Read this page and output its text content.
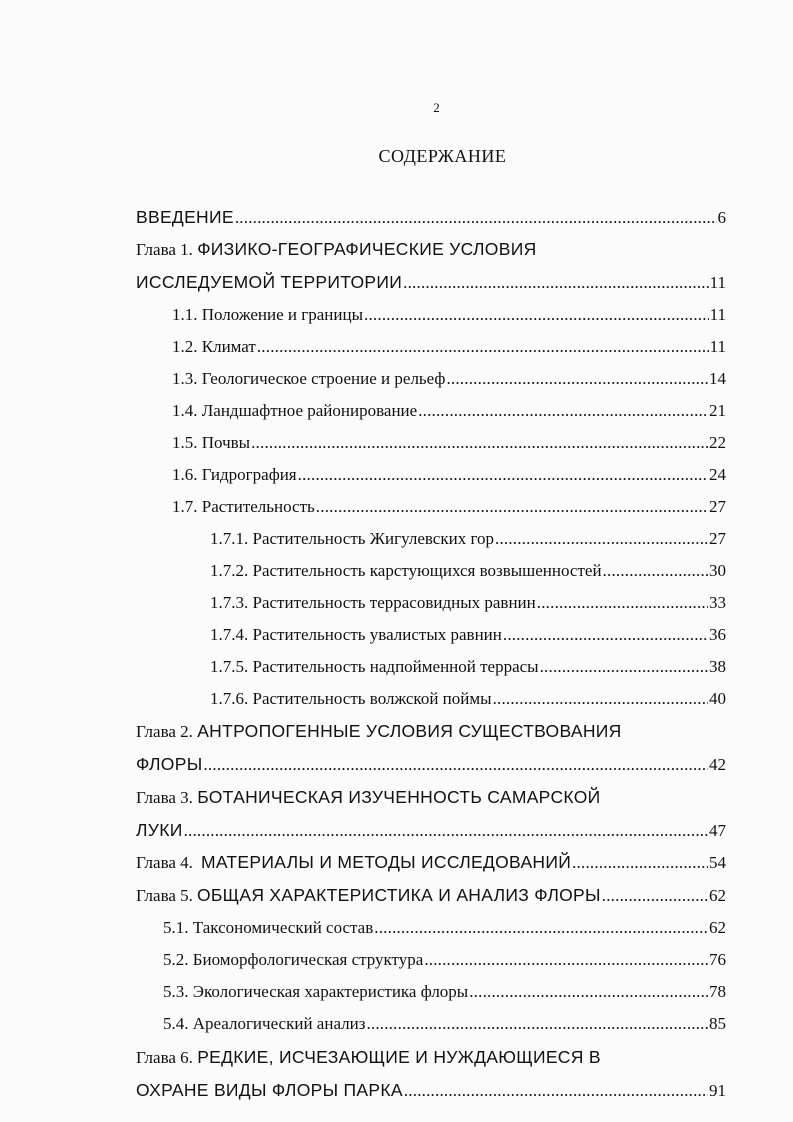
2
СОДЕРЖАНИЕ
ВВЕДЕНИЕ .....	6
Глава 1. ФИЗИКО-ГЕОГРАФИЧЕСКИЕ УСЛОВИЯ
ИССЛЕДУЕМОЙ ТЕРРИТОРИИ .....	11
1.1. Положение и границы .....	11
1.2. Климат .....	11
1.3. Геологическое строение и рельеф .....	14
1.4. Ландшафтное районирование .....	21
1.5. Почвы .....	22
1.6. Гидрография .....	24
1.7. Растительность .....	27
1.7.1. Растительность Жигулевских гор .....	27
1.7.2. Растительность карстующихся возвышенностей .....	30
1.7.3. Растительность террасовидных равнин .....	33
1.7.4. Растительность увалистых равнин .....	36
1.7.5. Растительность надпойменной террасы .....	38
1.7.6. Растительность волжской поймы .....	40
Глава 2. АНТРОПОГЕННЫЕ УСЛОВИЯ СУЩЕСТВОВАНИЯ
ФЛОРЫ .....	42
Глава 3. БОТАНИЧЕСКАЯ ИЗУЧЕННОСТЬ САМАРСКОЙ
ЛУКИ .....	47
Глава 4. МАТЕРИАЛЫ И МЕТОДЫ ИССЛЕДОВАНИЙ .....	54
Глава 5. ОБЩАЯ ХАРАКТЕРИСТИКА И АНАЛИЗ ФЛОРЫ .....	62
5.1. Таксономический состав .....	62
5.2. Биоморфологическая структура .....	76
5.3. Экологическая характеристика флоры .....	78
5.4. Ареалогический анализ .....	85
Глава 6. РЕДКИЕ, ИСЧЕЗАЮЩИЕ И НУЖДАЮЩИЕСЯ В
ОХРАНЕ ВИДЫ ФЛОРЫ ПАРКА .....	91
